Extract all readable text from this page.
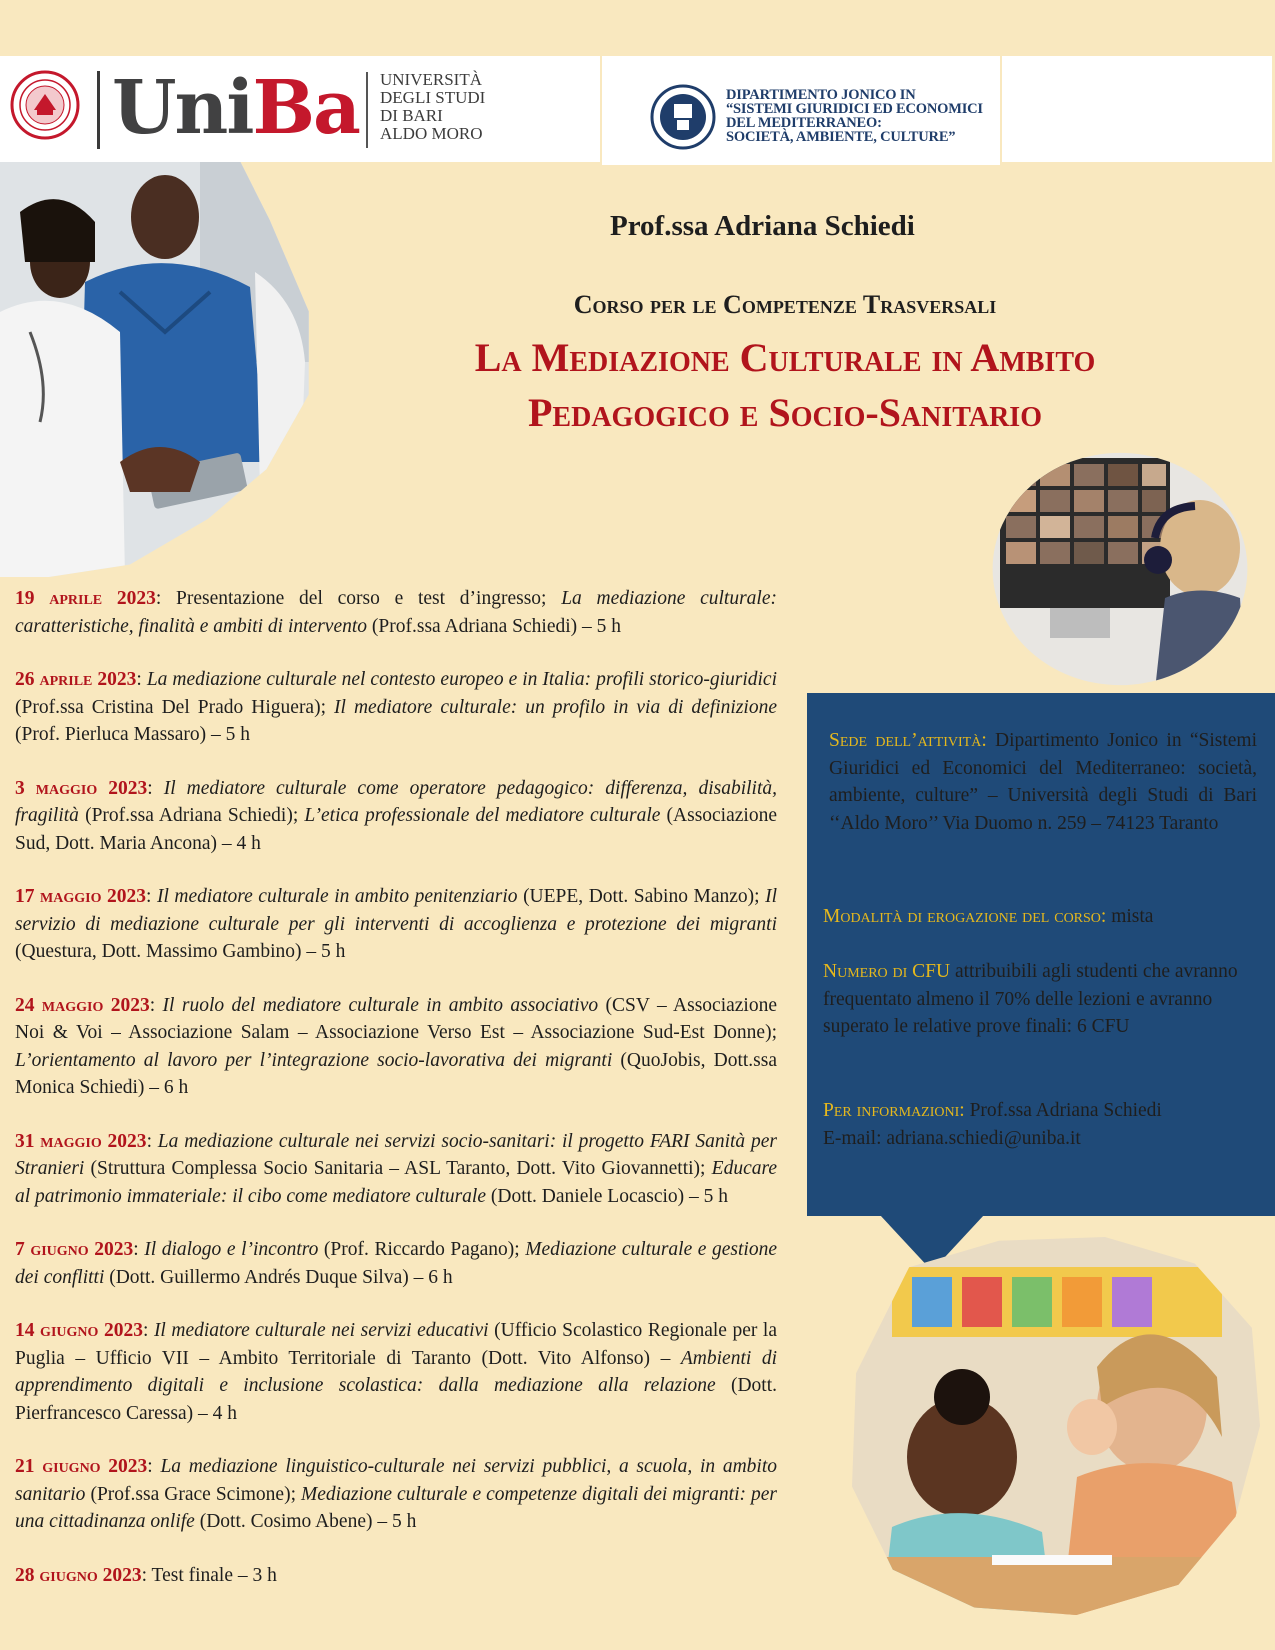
UniBa UNIVERSITÀ
DEGLI STUDI
DI BARI
ALDO MORO
DIPARTIMENTO JONICO IN
“SISTEMI GIURIDICI ED ECONOMICI
DEL MEDITERRANEO:
SOCIETÀ, AMBIENTE, CULTURE”
Prof.ssa Adriana Schiedi
Corso per le Competenze Trasversali
La Mediazione Culturale in Ambito
Pedagogico e Socio-Sanitario
19 aprile 2023: Presentazione del corso e test d’ingresso; La mediazione culturale: caratteristiche, finalità e ambiti di intervento (Prof.ssa Adriana Schiedi) – 5 h
26 aprile 2023: La mediazione culturale nel contesto europeo e in Italia: profili storico-giuridici (Prof.ssa Cristina Del Prado Higuera); Il mediatore culturale: un profilo in via di definizione (Prof. Pierluca Massaro) – 5 h
3 maggio 2023: Il mediatore culturale come operatore pedagogico: differenza, disabilità, fragilità (Prof.ssa Adriana Schiedi); L’etica professionale del mediatore culturale (Associazione Sud, Dott. Maria Ancona) – 4 h
17 maggio 2023: Il mediatore culturale in ambito penitenziario (UEPE, Dott. Sabino Manzo); Il servizio di mediazione culturale per gli interventi di accoglienza e protezione dei migranti (Questura, Dott. Massimo Gambino) – 5 h
24 maggio 2023: Il ruolo del mediatore culturale in ambito associativo (CSV – Associazione Noi & Voi – Associazione Salam – Associazione Verso Est – Associazione Sud-Est Donne); L’orientamento al lavoro per l’integrazione socio-lavorativa dei migranti (QuoJobis, Dott.ssa Monica Schiedi) – 6 h
31 maggio 2023: La mediazione culturale nei servizi socio-sanitari: il progetto FARI Sanità per Stranieri (Struttura Complessa Socio Sanitaria – ASL Taranto, Dott. Vito Giovannetti); Educare al patrimonio immateriale: il cibo come mediatore culturale (Dott. Daniele Locascio) – 5 h
7 giugno 2023: Il dialogo e l’incontro (Prof. Riccardo Pagano); Mediazione culturale e gestione dei conflitti (Dott. Guillermo Andrés Duque Silva) – 6 h
14 giugno 2023: Il mediatore culturale nei servizi educativi (Ufficio Scolastico Regionale per la Puglia – Ufficio VII – Ambito Territoriale di Taranto (Dott. Vito Alfonso) – Ambienti di apprendimento digitali e inclusione scolastica: dalla mediazione alla relazione (Dott. Pierfrancesco Caressa) – 4 h
21 giugno 2023: La mediazione linguistico-culturale nei servizi pubblici, a scuola, in ambito sanitario (Prof.ssa Grace Scimone); Mediazione culturale e competenze digitali dei migranti: per una cittadinanza onlife (Dott. Cosimo Abene) – 5 h
28 giugno 2023: Test finale – 3 h
Sede dell’attività: Dipartimento Jonico in “Sistemi Giuridici ed Economici del Mediterraneo: società, ambiente, culture” – Università degli Studi di Bari ‘‘Aldo Moro’’ Via Duomo n. 259 – 74123 Taranto
Modalità di erogazione del corso: mista
Numero di CFU attribuibili agli studenti che avranno frequentato almeno il 70% delle lezioni e avranno superato le relative prove finali: 6 CFU
Per informazioni: Prof.ssa Adriana Schiedi
E-mail: adriana.schiedi@uniba.it
